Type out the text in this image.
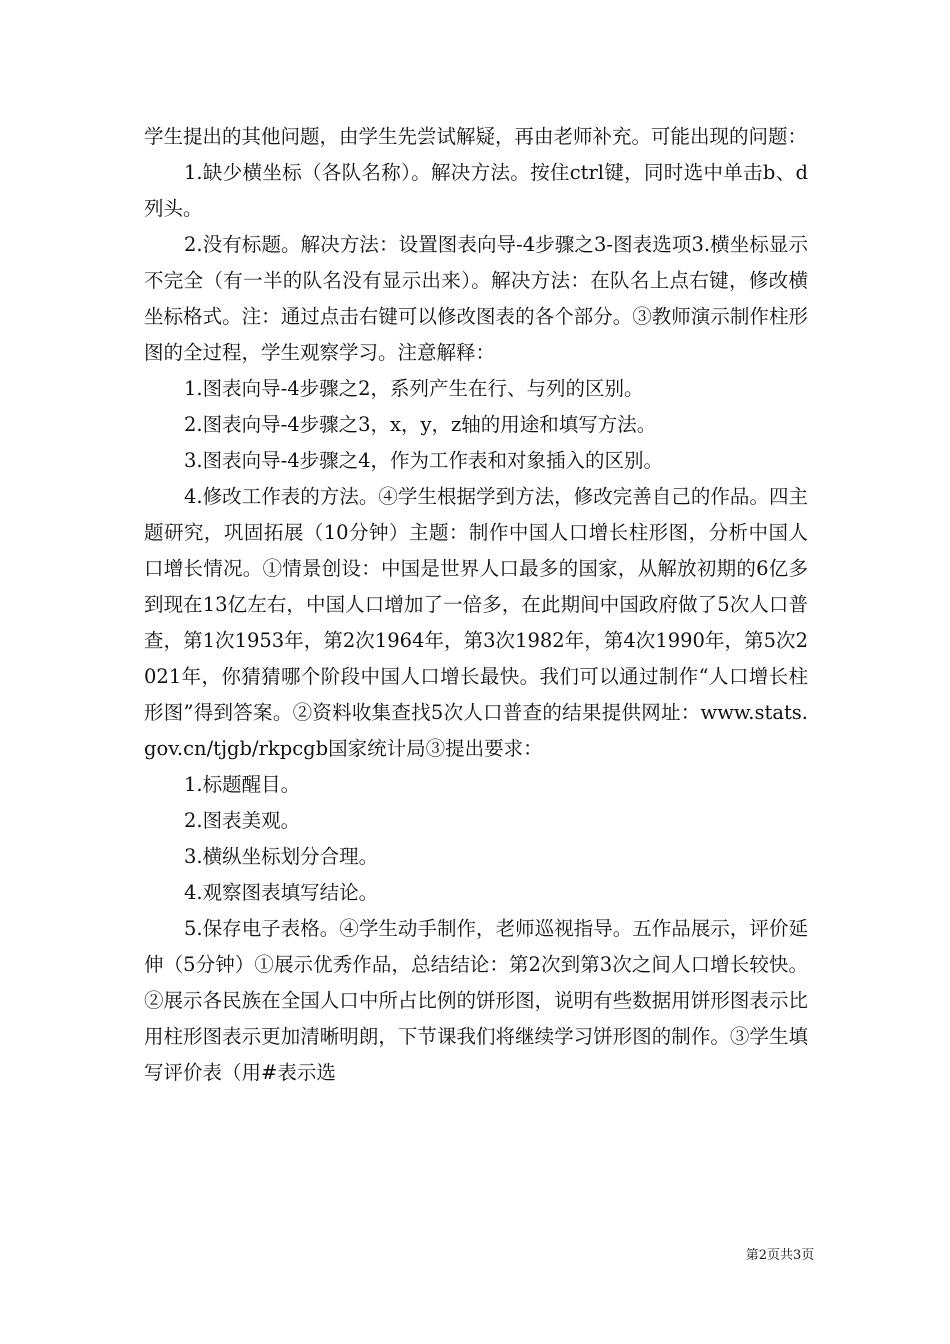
学生提出的其他问题，由学生先尝试解疑，再由老师补充。可能出现的问题：

1.缺少横坐标（各队名称）。解决方法。按住ctrl键，同时选中单击b、d列头。

2.没有标题。解决方法：设置图表向导-4步骤之3-图表选项3.横坐标显示不完全（有一半的队名没有显示出来）。解决方法：在队名上点右键，修改横坐标格式。注：通过点击右键可以修改图表的各个部分。③教师演示制作柱形图的全过程，学生观察学习。注意解释：

1.图表向导-4步骤之2，系列产生在行、与列的区别。

2.图表向导-4步骤之3，x，y，z轴的用途和填写方法。

3.图表向导-4步骤之4，作为工作表和对象插入的区别。

4.修改工作表的方法。④学生根据学到方法，修改完善自己的作品。四主题研究，巩固拓展（10分钟）主题：制作中国人口增长柱形图，分析中国人口增长情况。①情景创设：中国是世界人口最多的国家，从解放初期的6亿多到现在13亿左右，中国人口增加了一倍多，在此期间中国政府做了5次人口普查，第1次1953年，第2次1964年，第3次1982年，第4次1990年，第5次2021年，你猜猜哪个阶段中国人口增长最快。我们可以通过制作“人口增长柱形图”得到答案。②资料收集查找5次人口普查的结果提供网址：www.stats.gov.cn/tjgb/rkpcgb国家统计局③提出要求：

1.标题醒目。

2.图表美观。

3.横纵坐标划分合理。

4.观察图表填写结论。

5.保存电子表格。④学生动手制作，老师巡视指导。五作品展示，评价延伸（5分钟）①展示优秀作品，总结结论：第2次到第3次之间人口增长较快。②展示各民族在全国人口中所占比例的饼形图，说明有些数据用饼形图表示比用柱形图表示更加清晰明朗，下节课我们将继续学习饼形图的制作。③学生填写评价表（用#表示选

第2页共3页
